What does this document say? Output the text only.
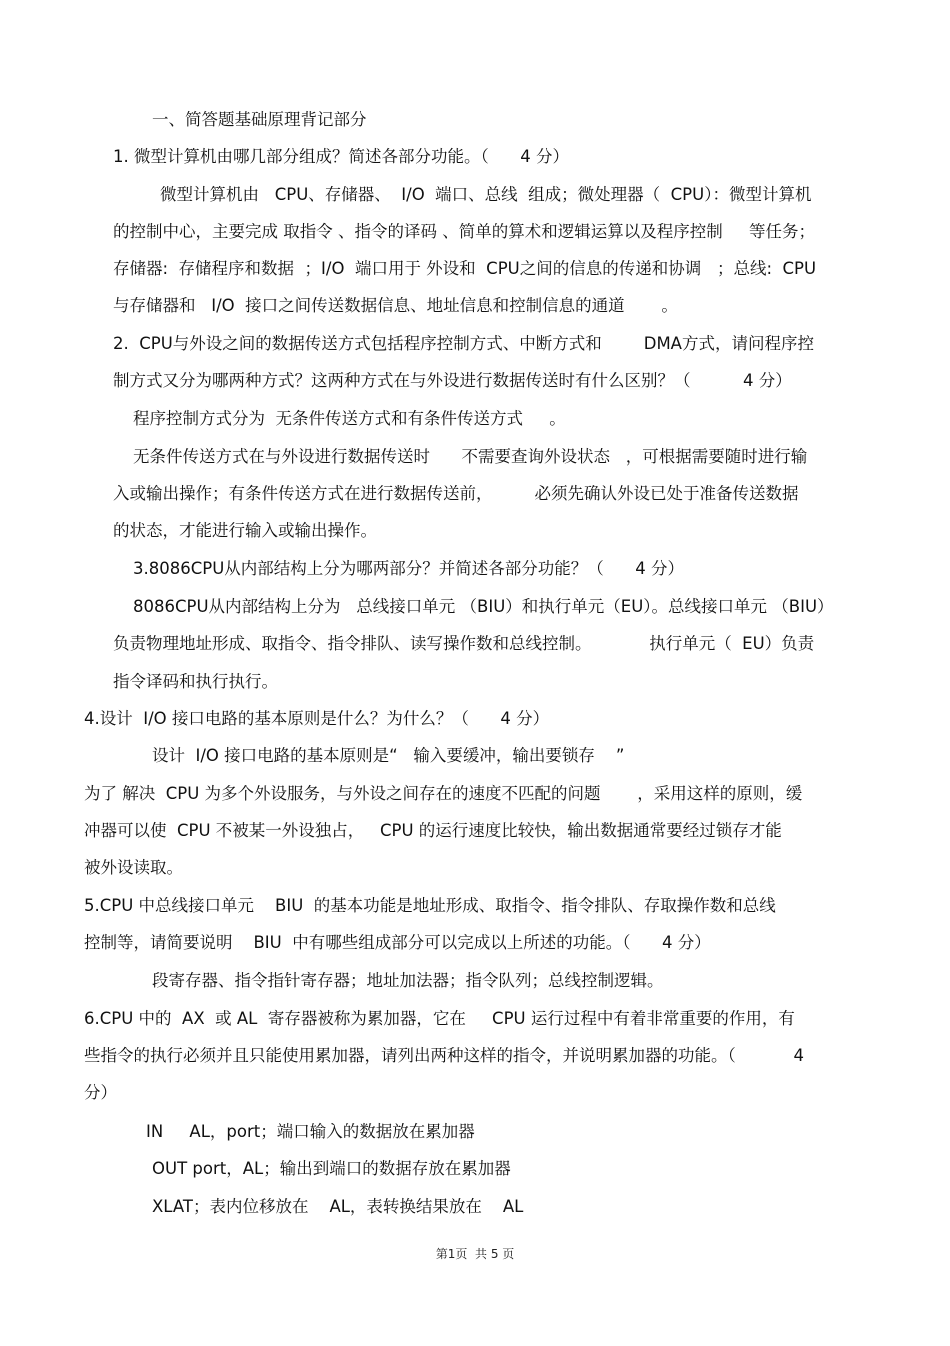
一、简答题基础原理背记部分
1. 微型计算机由哪几部分组成？简述各部分功能。（      4 分）
微型计算机由   CPU、存储器、  I/O  端口、总线  组成；微处理器（  CPU）：微型计算机
的控制中心，主要完成 取指令 、指令的译码 、简单的算术和逻辑运算以及程序控制     等任务；
存储器:  存储程序和数据  ；I/O  端口用于 外设和  CPU之间的信息的传递和协调   ；总线:  CPU
与存储器和   I/O  接口之间传送数据信息、地址信息和控制信息的通道       。
2.  CPU与外设之间的数据传送方式包括程序控制方式、中断方式和        DMA方式，请问程序控
制方式又分为哪两种方式？这两种方式在与外设进行数据传送时有什么区别？（          4 分）
程序控制方式分为  无条件传送方式和有条件传送方式     。
无条件传送方式在与外设进行数据传送时      不需要查询外设状态   ，可根据需要随时进行输
入或输出操作；有条件传送方式在进行数据传送前，        必须先确认外设已处于准备传送数据
的状态，才能进行输入或输出操作。
3.8086CPU从内部结构上分为哪两部分？并简述各部分功能？（      4 分）
8086CPU从内部结构上分为   总线接口单元 （BIU）和执行单元（EU）。总线接口单元 （BIU）
负责物理地址形成、取指令、指令排队、读写操作数和总线控制。           执行单元（  EU）负责
指令译码和执行执行。
4.设计  I/O 接口电路的基本原则是什么？为什么？（      4 分）
设计  I/O 接口电路的基本原则是“   输入要缓冲，输出要锁存    ”
为了 解决  CPU 为多个外设服务，与外设之间存在的速度不匹配的问题       ，采用这样的原则，缓
冲器可以使  CPU 不被某一外设独占，   CPU 的运行速度比较快，输出数据通常要经过锁存才能
被外设读取。
5.CPU 中总线接口单元    BIU  的基本功能是地址形成、取指令、指令排队、存取操作数和总线
控制等，请简要说明    BIU  中有哪些组成部分可以完成以上所述的功能。（      4 分）
段寄存器、指令指针寄存器；地址加法器；指令队列；总线控制逻辑。
6.CPU 中的  AX  或 AL  寄存器被称为累加器，它在     CPU 运行过程中有着非常重要的作用，有
些指令的执行必须并且只能使用累加器，请列出两种这样的指令，并说明累加器的功能。（           4
分）
IN     AL，port；端口输入的数据放在累加器
OUT port，AL；输出到端口的数据存放在累加器
XLAT；表内位移放在    AL，表转换结果放在    AL
第1页  共 5 页
